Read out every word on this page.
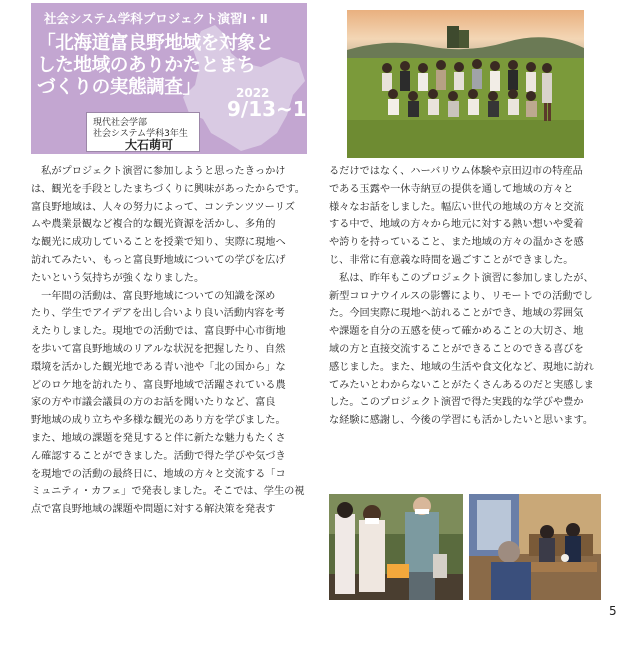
社会システム学科プロジェクト演習Ⅰ・Ⅱ
「北海道富良野地域を対象と
した地域のありかたとまち
づくりの実態調査」	2022
9/13~19
現代社会学部
社会システム学科3年生
大石萌可
　私がプロジェクト演習に参加しようと思ったきっかけ
は、観光を手段としたまちづくりに興味があったからです。
富良野地域は、人々の努力によって、コンテンツツーリズ
ムや農業景観など複合的な観光資源を活かし、多角的
な観光に成功していることを授業で知り、実際に現地へ
訪れてみたい、もっと富良野地域についての学びを広げ
たいという気持ちが強くなりました。
　一年間の活動は、富良野地域についての知識を深め
たり、学生でアイデアを出し合いより良い活動内容を考
えたりしました。現地での活動では、富良野中心市街地
を歩いて富良野地域のリアルな状況を把握したり、自然
環境を活かした観光地である青い池や「北の国から」な
どのロケ地を訪れたり、富良野地域で活躍されている農
家の方や市議会議員の方のお話を聞いたりなど、富良
野地域の成り立ちや多様な観光のあり方を学びました。
また、地域の課題を発見すると伴に新たな魅力もたくさ
ん確認することができました。活動で得た学びや気づき
を現地での活動の最終日に、地域の方々と交流する「コ
ミュニティ・カフェ」で発表しました。そこでは、学生の視
点で富良野地域の課題や問題に対する解決策を発表す
るだけではなく、ハーバリウム体験や京田辺市の特産品
である玉露や一休寺納豆の提供を通して地域の方々と
様々なお話をしました。幅広い世代の地域の方々と交流
する中で、地域の方々から地元に対する熱い想いや愛着
や誇りを持っていること、また地域の方々の温かさを感
じ、非常に有意義な時間を過ごすことができました。
　私は、昨年もこのプロジェクト演習に参加しましたが、
新型コロナウイルスの影響により、リモートでの活動でし
た。今回実際に現地へ訪れることができ、地域の雰囲気
や課題を自分の五感を使って確かめることの大切さ、地
域の方と直接交流することができることのできる喜びを
感じました。また、地域の生活や食文化など、現地に訪れ
てみたいとわからないことがたくさんあるのだと実感しま
した。このプロジェクト演習で得た実践的な学びや豊か
な経験に感謝し、今後の学習にも活かしたいと思います。
5
